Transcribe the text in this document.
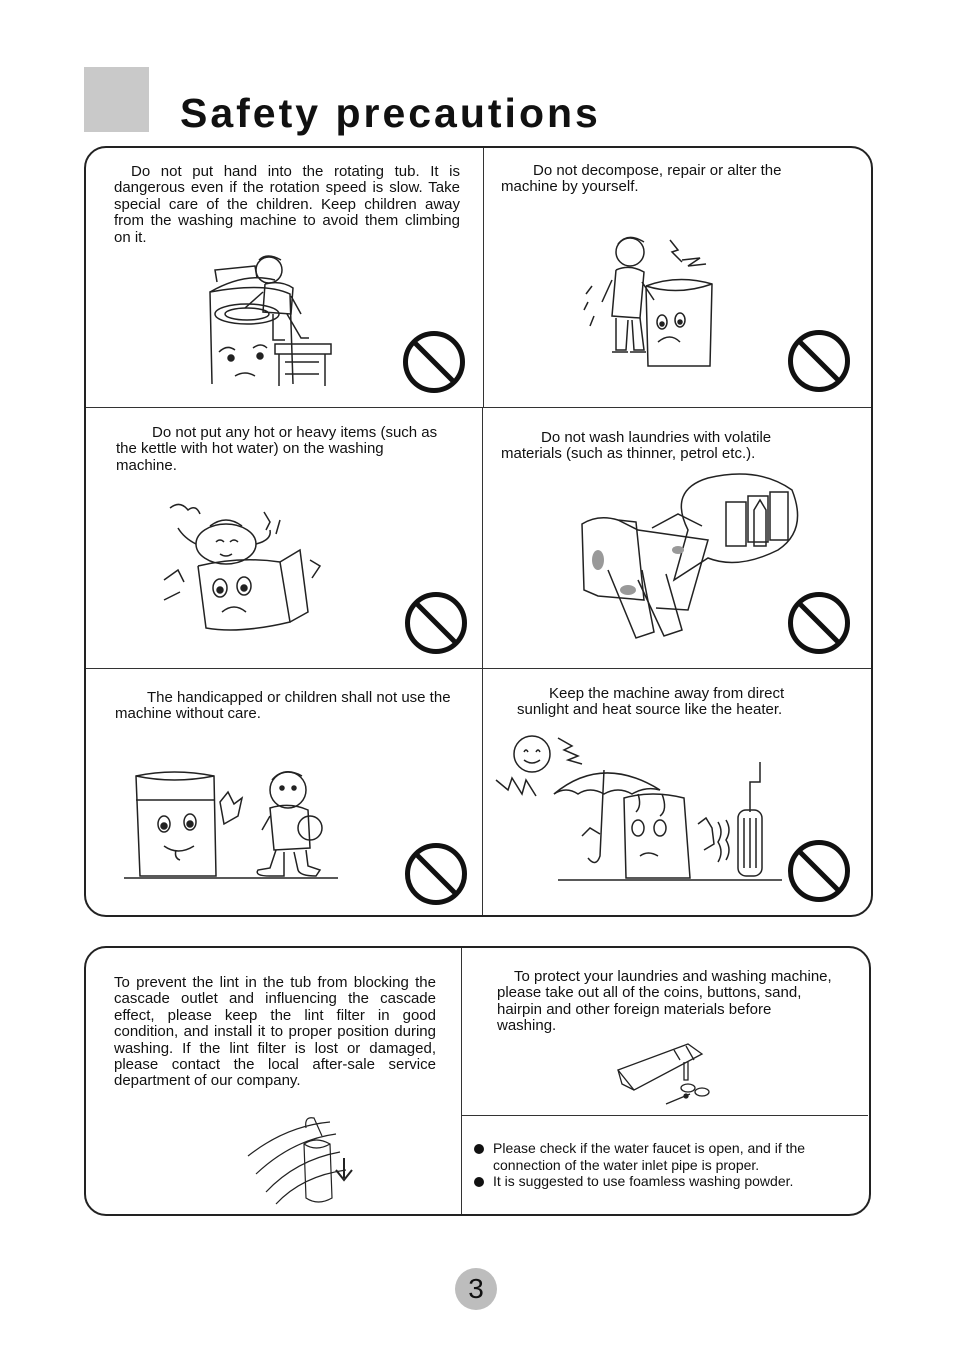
Safety precautions

Do not put hand into the rotating tub. It is dangerous even if the rotation speed is slow. Take special care of the children. Keep children away from the washing machine to avoid them climbing on it.

Do not decompose, repair or alter the machine by yourself.

Do not put any hot or heavy items (such as the kettle with hot water) on the washing machine.

Do not wash laundries with volatile materials (such as thinner, petrol etc.).

The handicapped or children shall not use the machine without care.

Keep the machine away from direct sunlight and heat source like the heater.

To prevent the lint in the tub from blocking the cascade outlet and influencing the cascade effect, please keep the lint filter in good condition, and install it to proper position during washing. If the lint filter is lost or damaged, please contact the local after-sale service department of our company.

To protect your laundries and washing machine, please take out all of the coins, buttons, sand, hairpin and other foreign materials before washing.

Please check if the water faucet is open, and if the connection of the water inlet pipe is proper.
It is suggested to use foamless washing powder.
3
